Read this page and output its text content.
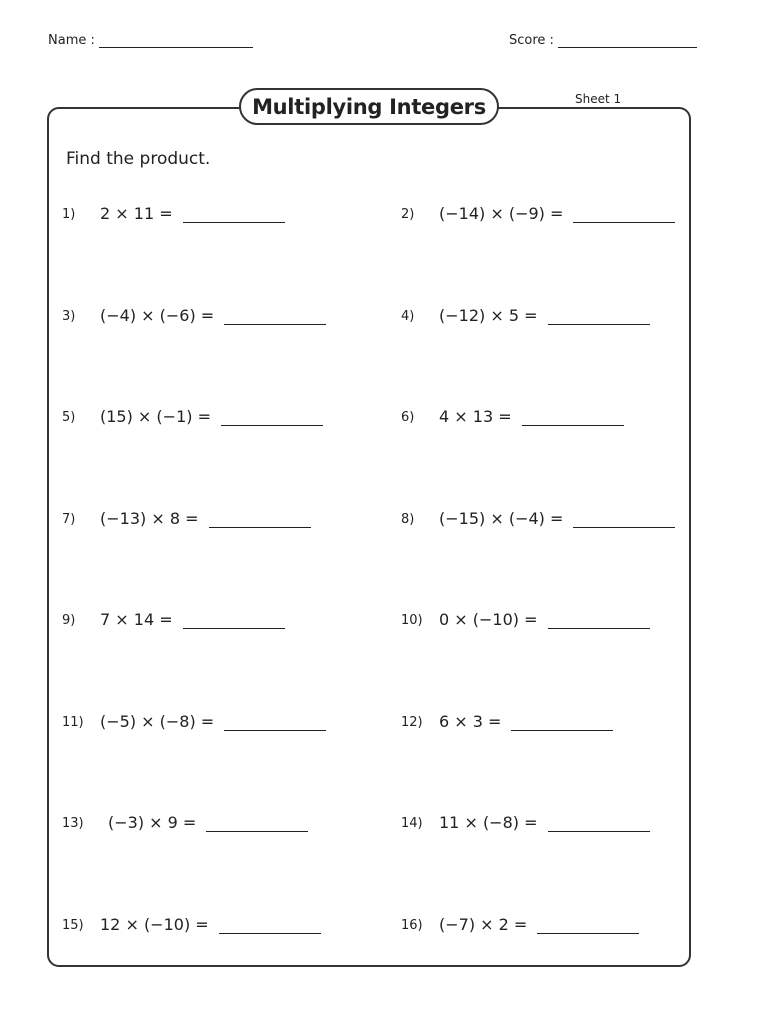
Name :	Score :
Multiplying Integers	Sheet 1
Find the product.
1)	2 × 11 =	2)	(−14) × (−9) =
3)	(−4) × (−6) =	4)	(−12) × 5 =
5)	(15) × (−1) =	6)	4 × 13 =
7)	(−13) × 8 =	8)	(−15) × (−4) =
9)	7 × 14 =	10)	0 × (−10) =
11)	(−5) × (−8) =	12)	6 × 3 =
13)	(−3) × 9 =	14)	11 × (−8) =
15)	12 × (−10) =	16)	(−7) × 2 =
